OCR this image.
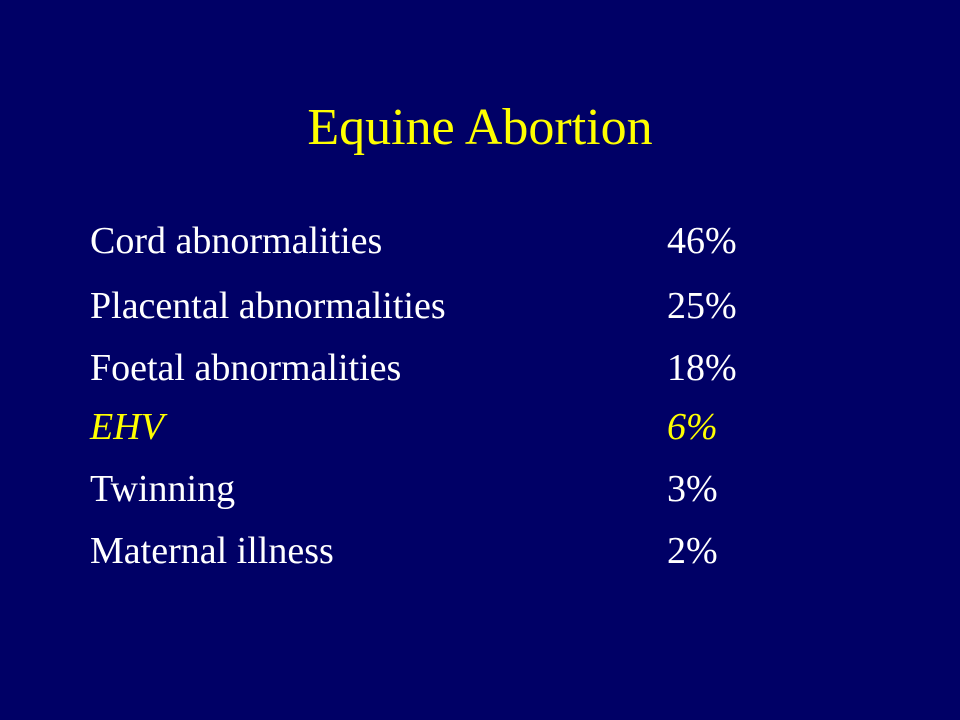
Equine Abortion
Cord abnormalities	46%
Placental abnormalities	25%
Foetal abnormalities	18%
EHV	6%
Twinning	3%
Maternal illness	2%
